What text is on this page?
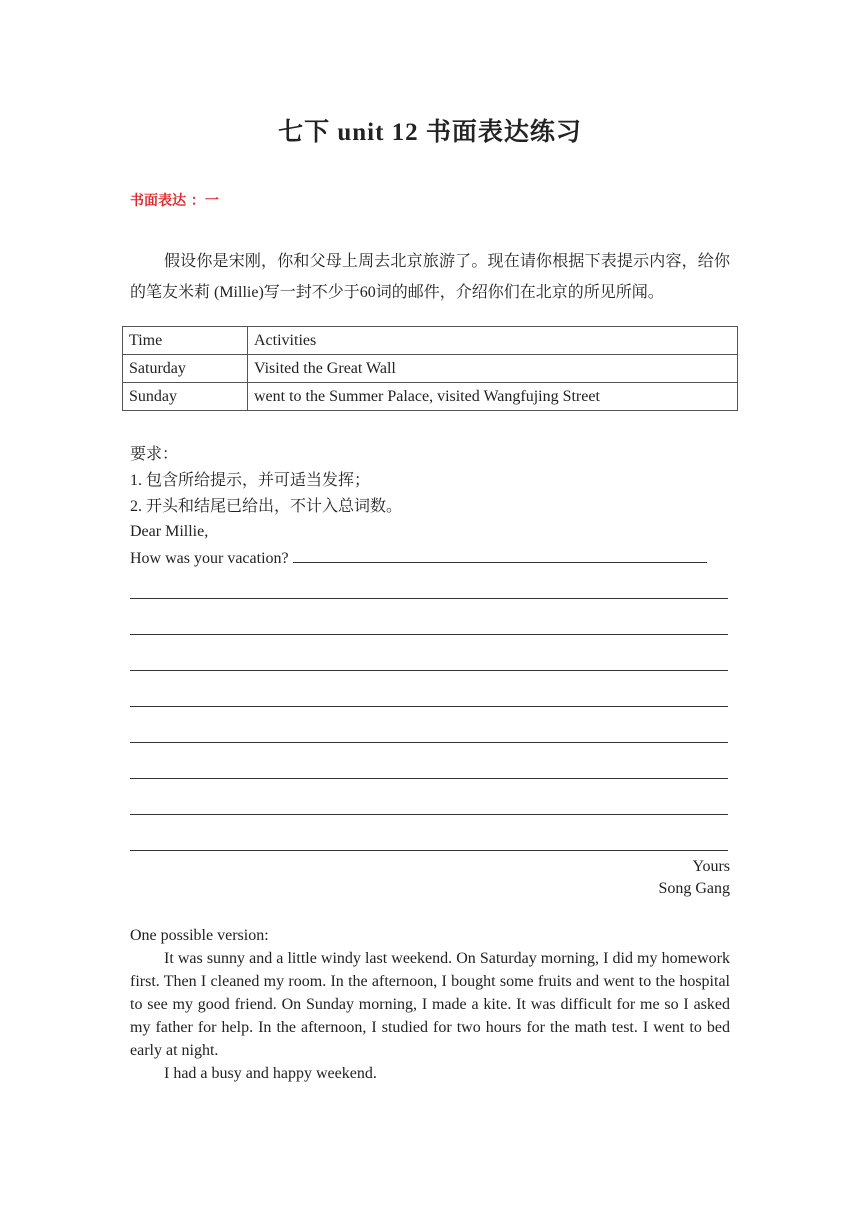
七下 unit 12 书面表达练习
书面表达 ：一
假设你是宋刚，你和父母上周去北京旅游了。现在请你根据下表提示内容，给你的笔友米莉 (Millie)写一封不少于60词的邮件，介绍你们在北京的所见所闻。
Time	Activities
Saturday	Visited the Great Wall
Sunday	went to the Summer Palace, visited Wangfujing Street
要求：
1. 包含所给提示，并可适当发挥；
2. 开头和结尾已给出，不计入总词数。
Dear Millie,
How was your vacation?
Yours
Song Gang

One possible version:

It was sunny and a little windy last weekend. On Saturday morning, I did my homework first. Then I cleaned my room. In the afternoon, I bought some fruits and went to the hospital to see my good friend. On Sunday morning, I made a kite. It was difficult for me so I asked my father for help. In the afternoon, I studied for two hours for the math test. I went to bed early at night.

I had a busy and happy weekend.
